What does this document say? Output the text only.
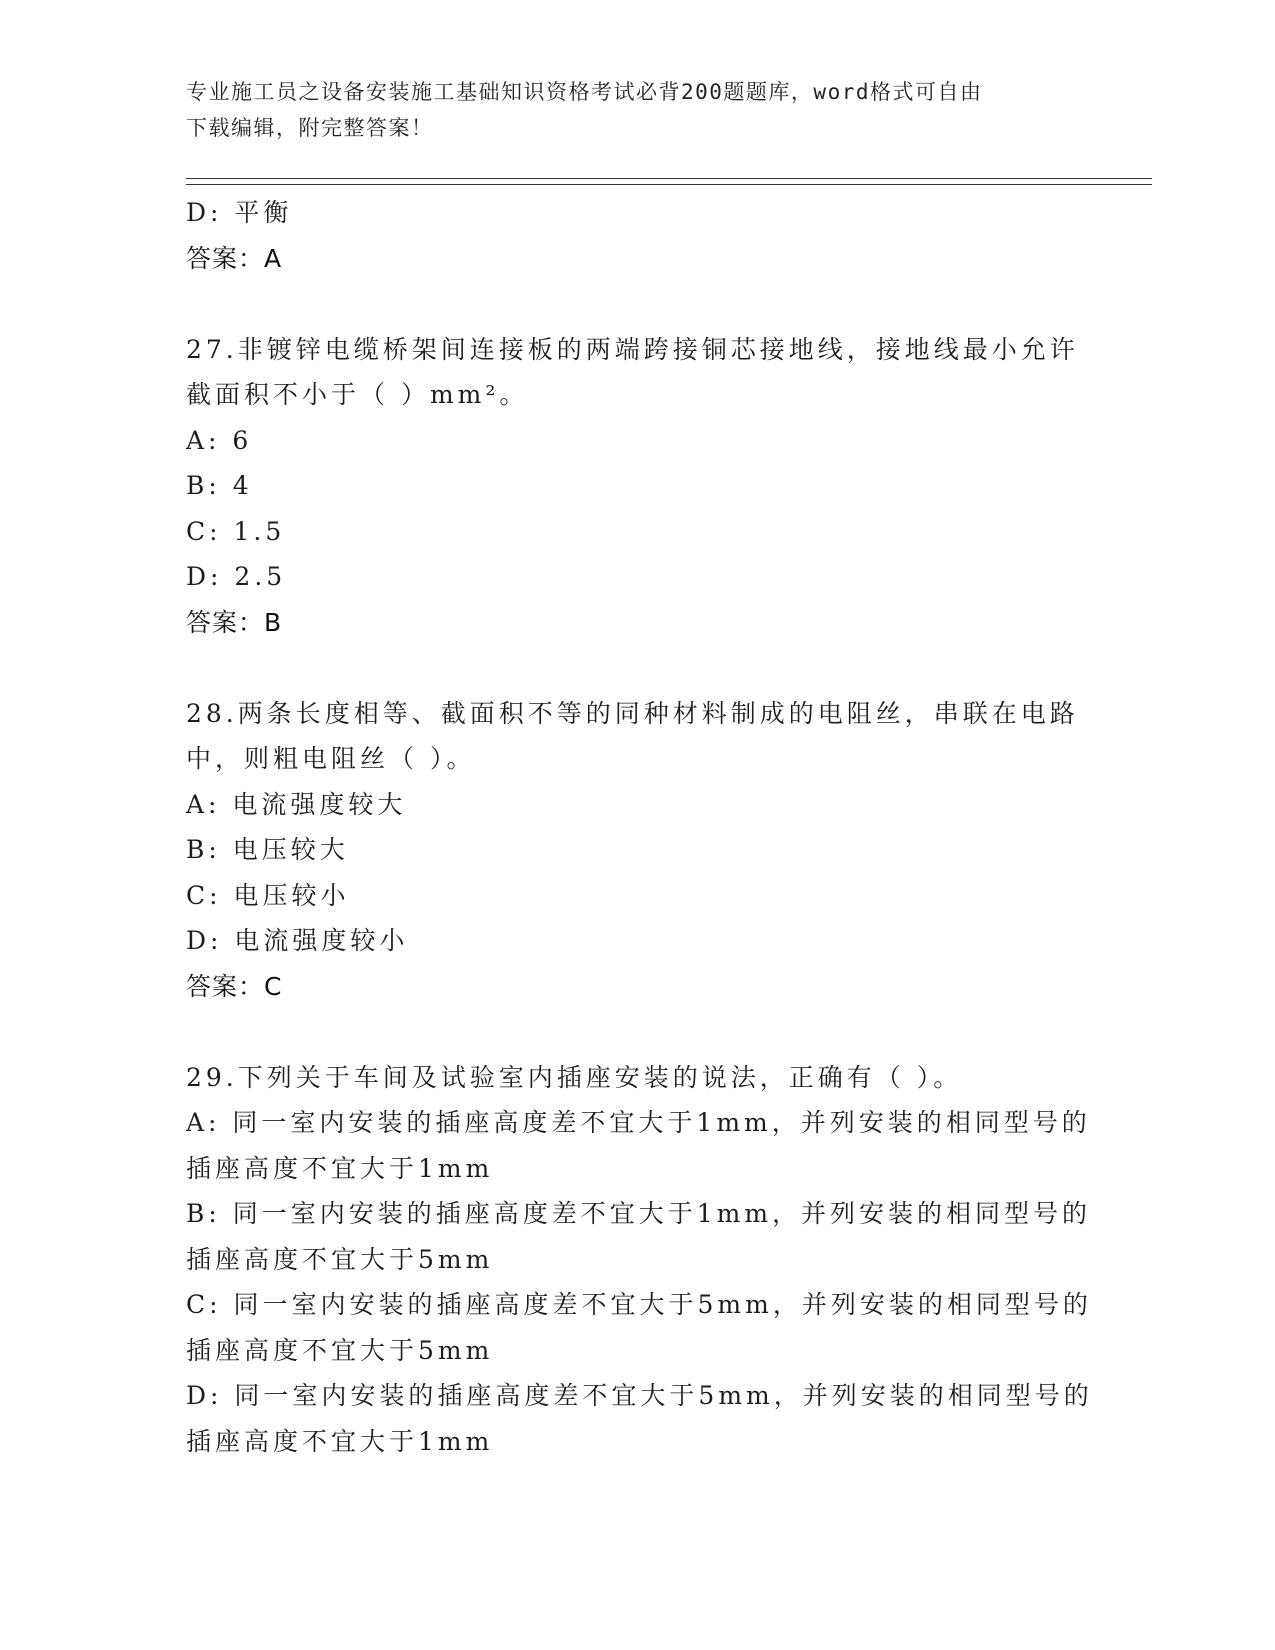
专业施工员之设备安装施工基础知识资格考试必背200题题库，word格式可自由
下载编辑，附完整答案！
D: 平衡
答案：A
27.非镀锌电缆桥架间连接板的两端跨接铜芯接地线，接地线最小允许
截面积不小于（ ）mm²。
A: 6
B: 4
C: 1.5
D: 2.5
答案：B
28.两条长度相等、截面积不等的同种材料制成的电阻丝，串联在电路
中，则粗电阻丝（ ）。
A: 电流强度较大
B: 电压较大
C: 电压较小
D: 电流强度较小
答案：C
29.下列关于车间及试验室内插座安装的说法，正确有（ ）。
A: 同一室内安装的插座高度差不宜大于1mm，并列安装的相同型号的
插座高度不宜大于1mm
B: 同一室内安装的插座高度差不宜大于1mm，并列安装的相同型号的
插座高度不宜大于5mm
C: 同一室内安装的插座高度差不宜大于5mm，并列安装的相同型号的
插座高度不宜大于5mm
D: 同一室内安装的插座高度差不宜大于5mm，并列安装的相同型号的
插座高度不宜大于1mm
